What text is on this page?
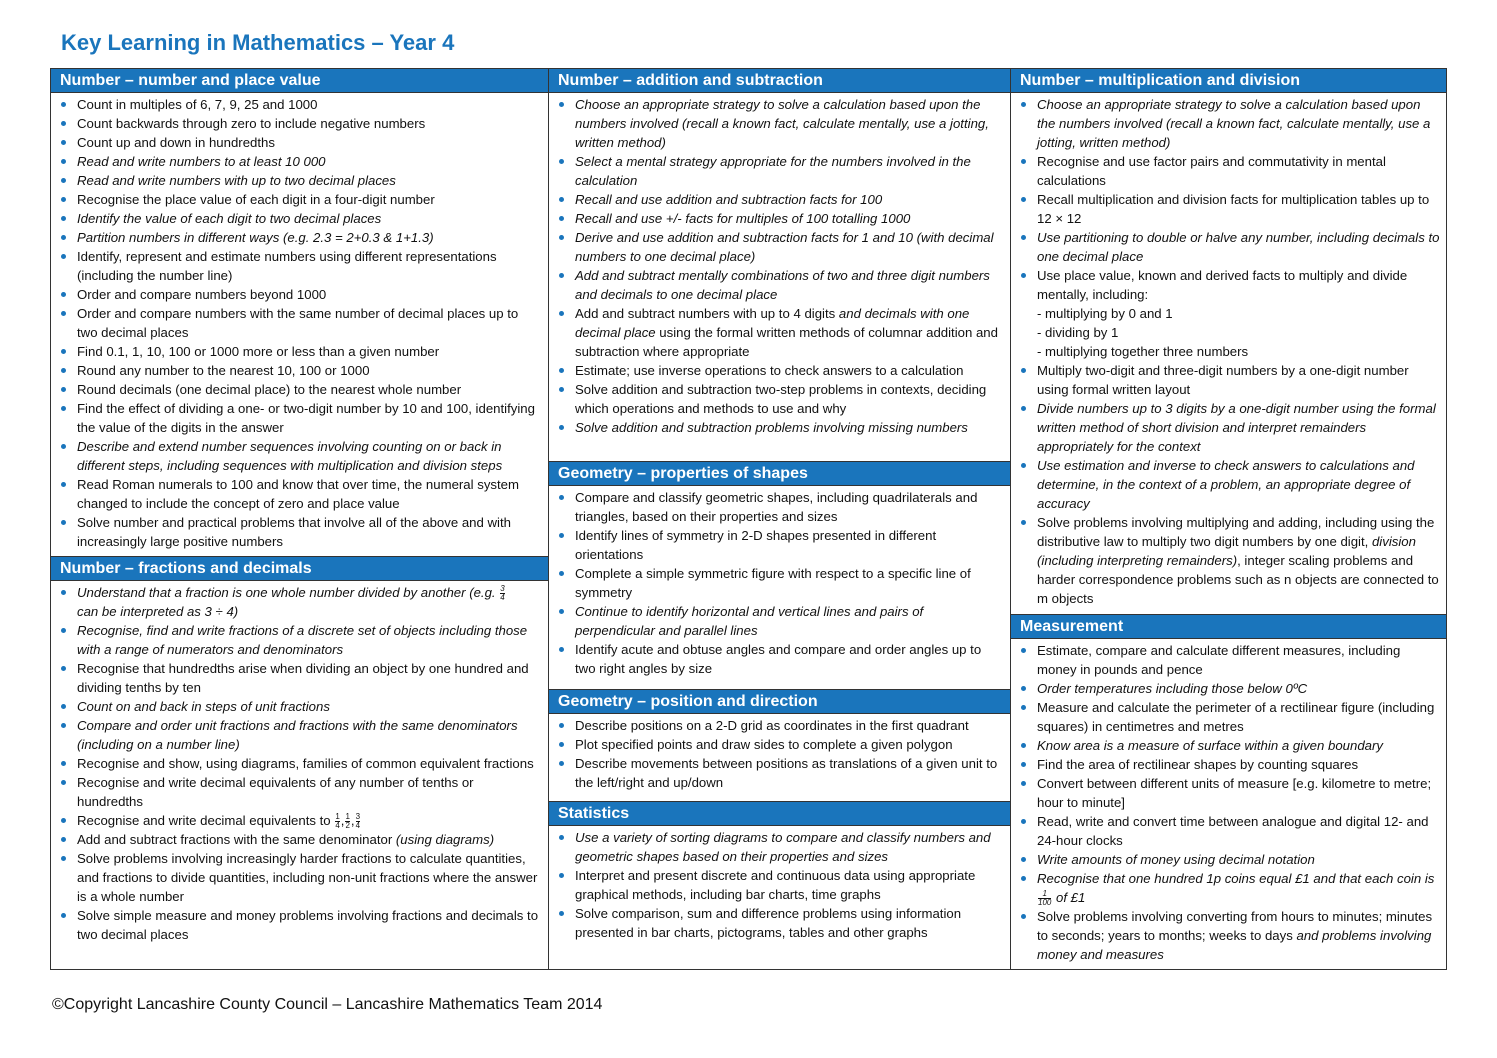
Key Learning in Mathematics – Year 4
Number – number and place value
Count in multiples of 6, 7, 9, 25 and 1000
Count backwards through zero to include negative numbers
Count up and down in hundredths
Read and write numbers to at least 10 000
Read and write numbers with up to two decimal places
Recognise the place value of each digit in a four-digit number
Identify the value of each digit to two decimal places
Partition numbers in different ways (e.g. 2.3 = 2+0.3 & 1+1.3)
Identify, represent and estimate numbers using different representations (including the number line)
Order and compare numbers beyond 1000
Order and compare numbers with the same number of decimal places up to two decimal places
Find 0.1, 1, 10, 100 or 1000 more or less than a given number
Round any number to the nearest 10, 100 or 1000
Round decimals (one decimal place) to the nearest whole number
Find the effect of dividing a one- or two-digit number by 10 and 100, identifying the value of the digits in the answer
Describe and extend number sequences involving counting on or back in different steps, including sequences with multiplication and division steps
Read Roman numerals to 100 and know that over time, the numeral system changed to include the concept of zero and place value
Solve number and practical problems that involve all of the above and with increasingly large positive numbers
Number – fractions and decimals
Understand that a fraction is one whole number divided by another (e.g. $\frac{3}{4}$

can be interpreted as 3 ÷ 4)
Recognise, find and write fractions of a discrete set of objects including those with a range of numerators and denominators
Recognise that hundredths arise when dividing an object by one hundred and dividing tenths by ten
Count on and back in steps of unit fractions
Compare and order unit fractions and fractions with the same denominators (including on a number line)
Recognise and show, using diagrams, families of common equivalent fractions
Recognise and write decimal equivalents of any number of tenths or hundredths
Recognise and write decimal equivalents to $\frac{1}{4}$ , $\frac{1}{2}$ , $\frac{3}{4}$
Add and subtract fractions with the same denominator (using diagrams)
Solve problems involving increasingly harder fractions to calculate quantities, and fractions to divide quantities, including non-unit fractions where the answer is a whole number
Solve simple measure and money problems involving fractions and decimals to two decimal places
Number – addition and subtraction
Choose an appropriate strategy to solve a calculation based upon the numbers involved (recall a known fact, calculate mentally, use a jotting, written method)
Select a mental strategy appropriate for the numbers involved in the calculation
Recall and use addition and subtraction facts for 100
Recall and use +/- facts for multiples of 100 totalling 1000
Derive and use addition and subtraction facts for 1 and 10 (with decimal numbers to one decimal place)
Add and subtract mentally combinations of two and three digit numbers and decimals to one decimal place
Add and subtract numbers with up to 4 digits and decimals with one decimal place using the formal written methods of columnar addition and subtraction where appropriate
Estimate; use inverse operations to check answers to a calculation
Solve addition and subtraction two-step problems in contexts, deciding which operations and methods to use and why
Solve addition and subtraction problems involving missing numbers
Geometry – properties of shapes
Compare and classify geometric shapes, including quadrilaterals and triangles, based on their properties and sizes
Identify lines of symmetry in 2-D shapes presented in different orientations
Complete a simple symmetric figure with respect to a specific line of symmetry
Continue to identify horizontal and vertical lines and pairs of perpendicular and parallel lines
Identify acute and obtuse angles and compare and order angles up to two right angles by size
Geometry – position and direction
Describe positions on a 2-D grid as coordinates in the first quadrant
Plot specified points and draw sides to complete a given polygon
Describe movements between positions as translations of a given unit to the left/right and up/down
Statistics
Use a variety of sorting diagrams to compare and classify numbers and geometric shapes based on their properties and sizes
Interpret and present discrete and continuous data using appropriate graphical methods, including bar charts, time graphs
Solve comparison, sum and difference problems using information presented in bar charts, pictograms, tables and other graphs
Number – multiplication and division
Choose an appropriate strategy to solve a calculation based upon the numbers involved (recall a known fact, calculate mentally, use a jotting, written method)
Recognise and use factor pairs and commutativity in mental calculations
Recall multiplication and division facts for multiplication tables up to 12 × 12
Use partitioning to double or halve any number, including decimals to one decimal place
Use place value, known and derived facts to multiply and divide mentally, including:
- multiplying by 0 and 1
- dividing by 1
- multiplying together three numbers
Multiply two-digit and three-digit numbers by a one-digit number using formal written layout
Divide numbers up to 3 digits by a one-digit number using the formal written method of short division and interpret remainders appropriately for the context
Use estimation and inverse to check answers to calculations and determine, in the context of a problem, an appropriate degree of accuracy
Solve problems involving multiplying and adding, including using the distributive law to multiply two digit numbers by one digit, division (including interpreting remainders), integer scaling problems and harder correspondence problems such as n objects are connected to m objects
Measurement
Estimate, compare and calculate different measures, including money in pounds and pence
Order temperatures including those below 0ºC
Measure and calculate the perimeter of a rectilinear figure (including squares) in centimetres and metres
Know area is a measure of surface within a given boundary
Find the area of rectilinear shapes by counting squares
Convert between different units of measure [e.g. kilometre to metre; hour to minute]
Read, write and convert time between analogue and digital 12- and 24-hour clocks
Write amounts of money using decimal notation
Recognise that one hundred 1p coins equal £1 and that each coin is
$\frac{1}{100}$ of £1
Solve problems involving converting from hours to minutes; minutes to seconds; years to months; weeks to days and problems involving money and measures
©Copyright Lancashire County Council – Lancashire Mathematics Team 2014
